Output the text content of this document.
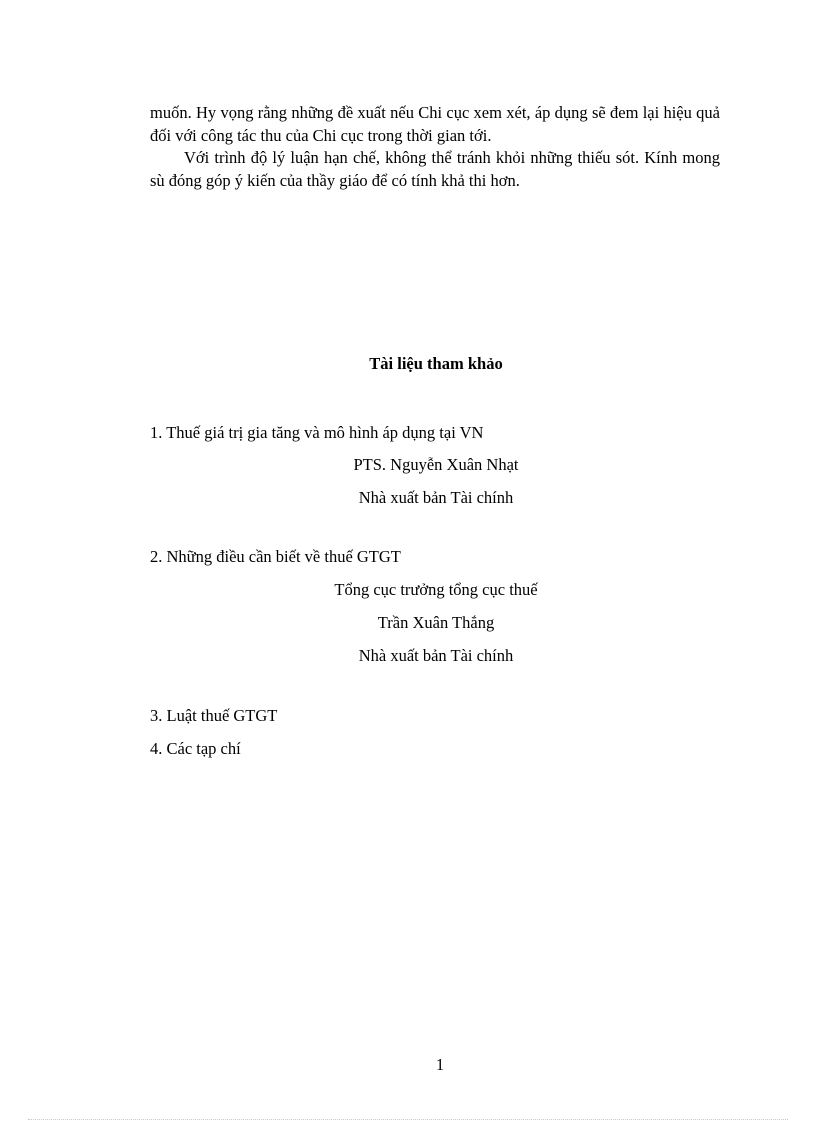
muốn. Hy vọng rằng những đề xuất nếu Chi cục xem xét, áp dụng sẽ đem lại hiệu quả đối với công tác thu của Chi cục trong thời gian tới.
Với trình độ lý luận hạn chế, không thể tránh khỏi những thiếu sót. Kính mong sù đóng góp ý kiến của thầy giáo để có tính khả thi hơn.
Tài liệu tham khảo
1. Thuế giá trị gia tăng và mô hình áp dụng tại VN
PTS. Nguyễn Xuân Nhạt
Nhà xuất bản Tài chính
2. Những điều cần biết về thuế GTGT
Tổng cục trưởng tổng cục thuế
Trần Xuân Thắng
Nhà xuất bản Tài chính
3. Luật thuế GTGT
4. Các tạp chí
1
